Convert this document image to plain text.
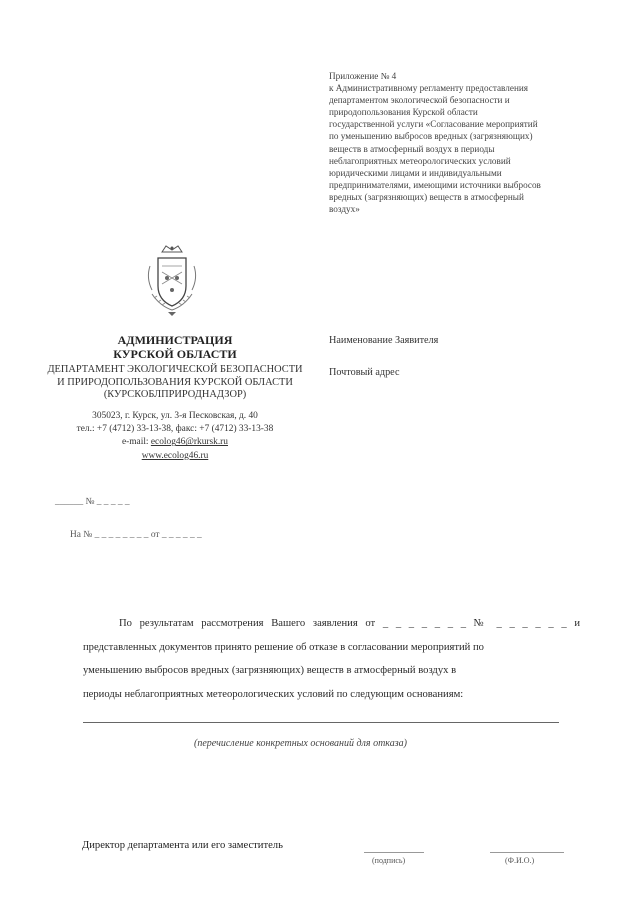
Приложение № 4
к Административному регламенту предоставления
департаментом экологической безопасности и
природопользования Курской области
государственной услуги «Согласование мероприятий
по уменьшению выбросов вредных (загрязняющих)
веществ в атмосферный воздух в периоды
неблагоприятных метеорологических условий
юридическими лицами и индивидуальными
предпринимателями, имеющими источники выбросов
вредных (загрязняющих) веществ в атмосферный
воздух»
АДМИНИСТРАЦИЯ
КУРСКОЙ ОБЛАСТИ
ДЕПАРТАМЕНТ ЭКОЛОГИЧЕСКОЙ БЕЗОПАСНОСТИ
И ПРИРОДОПОЛЬЗОВАНИЯ КУРСКОЙ ОБЛАСТИ
(КУРСКОБЛПРИРОДНАДЗОР)
305023, г. Курск, ул. 3-я Песковская, д. 40
тел.: +7 (4712) 33-13-38, факс: +7 (4712) 33-13-38
e-mail: ecolog46@rkursk.ru
www.ecolog46.ru
______ № _ _ _ _ _
На № _ _ _ _ _ _ _ _ от _ _ _ _ _ _
Наименование Заявителя
Почтовый адрес
По результатам рассмотрения Вашего заявления от _ _ _ _ _ _ _ № _ _ _ _ _ _ и
представленных документов принято решение об отказе в согласовании мероприятий по
уменьшению выбросов вредных (загрязняющих) веществ в атмосферный воздух в
периоды неблагоприятных метеорологических условий по следующим основаниям:
(перечисление конкретных оснований для отказа)
Директор департамента или его заместитель
(подпись)	(Ф.И.О.)
